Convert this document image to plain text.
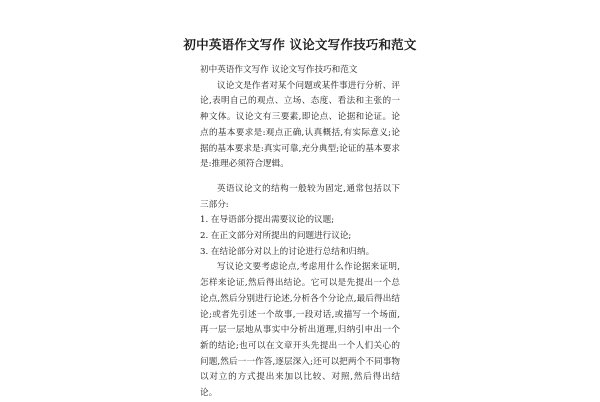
初中英语作文写作 议论文写作技巧和范文

初中英语作文写作 议论文写作技巧和范文

议论文是作者对某个问题或某件事进行分析、评论,表明自己的观点、立场、态度、看法和主张的一种文体。议论文有三要素,即论点、论据和论证。论点的基本要求是:观点正确,认真概括,有实际意义;论据的基本要求是:真实可靠,充分典型;论证的基本要求是:推理必须符合逻辑。

英语议论文的结构一般较为固定,通常包括以下三部分:

1. 在导语部分提出需要议论的议题;

2. 在正文部分对所提出的问题进行议论;

3. 在结论部分对以上的讨论进行总结和归纳。

写议论文要考虑论点,考虑用什么作论据来证明,怎样来论证,然后得出结论。它可以是先提出一个总论点,然后分别进行论述,分析各个分论点,最后得出结论;或者先引述一个故事,一段对话,或描写一个场面,再一层一层地从事实中分析出道理,归纳引申出一个新的结论;也可以在文章开头先提出一个人们关心的问题,然后一一作答,逐层深入;还可以把两个不同事物以对立的方式提出来加以比较、对照,然后得出结论。
